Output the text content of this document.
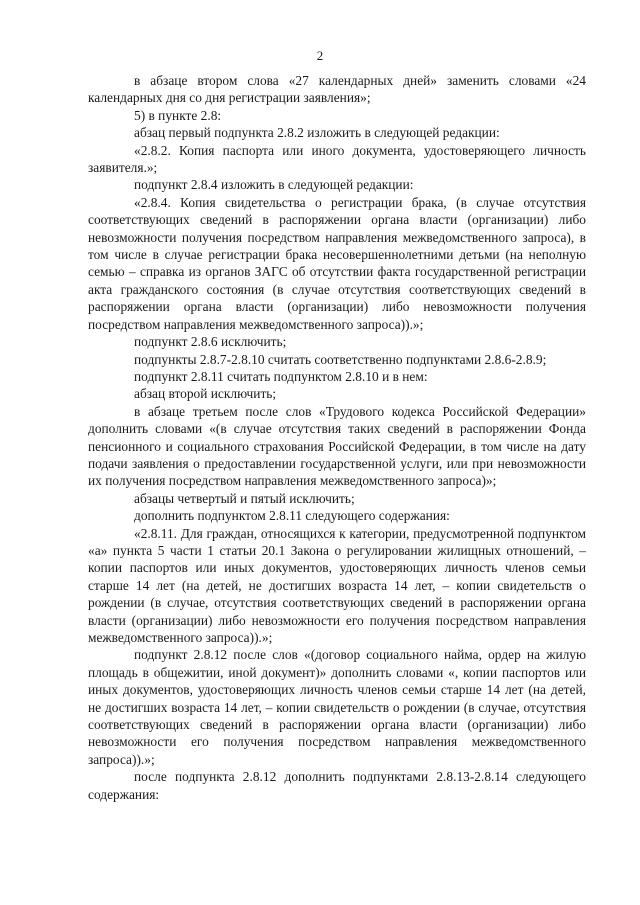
2

в абзаце втором слова «27 календарных дней» заменить словами «24 календарных дня со дня регистрации заявления»;

5) в пункте 2.8:

абзац первый подпункта 2.8.2 изложить в следующей редакции:

«2.8.2. Копия паспорта или иного документа, удостоверяющего личность заявителя.»;

подпункт 2.8.4 изложить в следующей редакции:

«2.8.4. Копия свидетельства о регистрации брака, (в случае отсутствия соответствующих сведений в распоряжении органа власти (организации) либо невозможности получения посредством направления межведомственного запроса), в том числе в случае регистрации брака несовершеннолетними детьми (на неполную семью – справка из органов ЗАГС об отсутствии факта государственной регистрации акта гражданского состояния (в случае отсутствия соответствующих сведений в распоряжении органа власти (организации) либо невозможности получения посредством направления межведомственного запроса)).»;

подпункт 2.8.6 исключить;

подпункты 2.8.7-2.8.10 считать соответственно подпунктами 2.8.6-2.8.9;

подпункт 2.8.11 считать подпунктом 2.8.10 и в нем:

абзац второй исключить;

в абзаце третьем после слов «Трудового кодекса Российской Федерации» дополнить словами «(в случае отсутствия таких сведений в распоряжении Фонда пенсионного и социального страхования Российской Федерации, в том числе на дату подачи заявления о предоставлении государственной услуги, или при невозможности их получения посредством направления межведомственного запроса)»;

абзацы четвертый и пятый исключить;

дополнить подпунктом 2.8.11 следующего содержания:

«2.8.11. Для граждан, относящихся к категории, предусмотренной подпунктом «а» пункта 5 части 1 статьи 20.1 Закона о регулировании жилищных отношений, – копии паспортов или иных документов, удостоверяющих личность членов семьи старше 14 лет (на детей, не достигших возраста 14 лет, – копии свидетельств о рождении (в случае, отсутствия соответствующих сведений в распоряжении органа власти (организации) либо невозможности его получения посредством направления межведомственного запроса)).»;

подпункт 2.8.12 после слов «(договор социального найма, ордер на жилую площадь в общежитии, иной документ)» дополнить словами «, копии паспортов или иных документов, удостоверяющих личность членов семьи старше 14 лет (на детей, не достигших возраста 14 лет, – копии свидетельств о рождении (в случае, отсутствия соответствующих сведений в распоряжении органа власти (организации) либо невозможности его получения посредством направления межведомственного запроса)).»;

после подпункта 2.8.12 дополнить подпунктами 2.8.13-2.8.14 следующего содержания:
